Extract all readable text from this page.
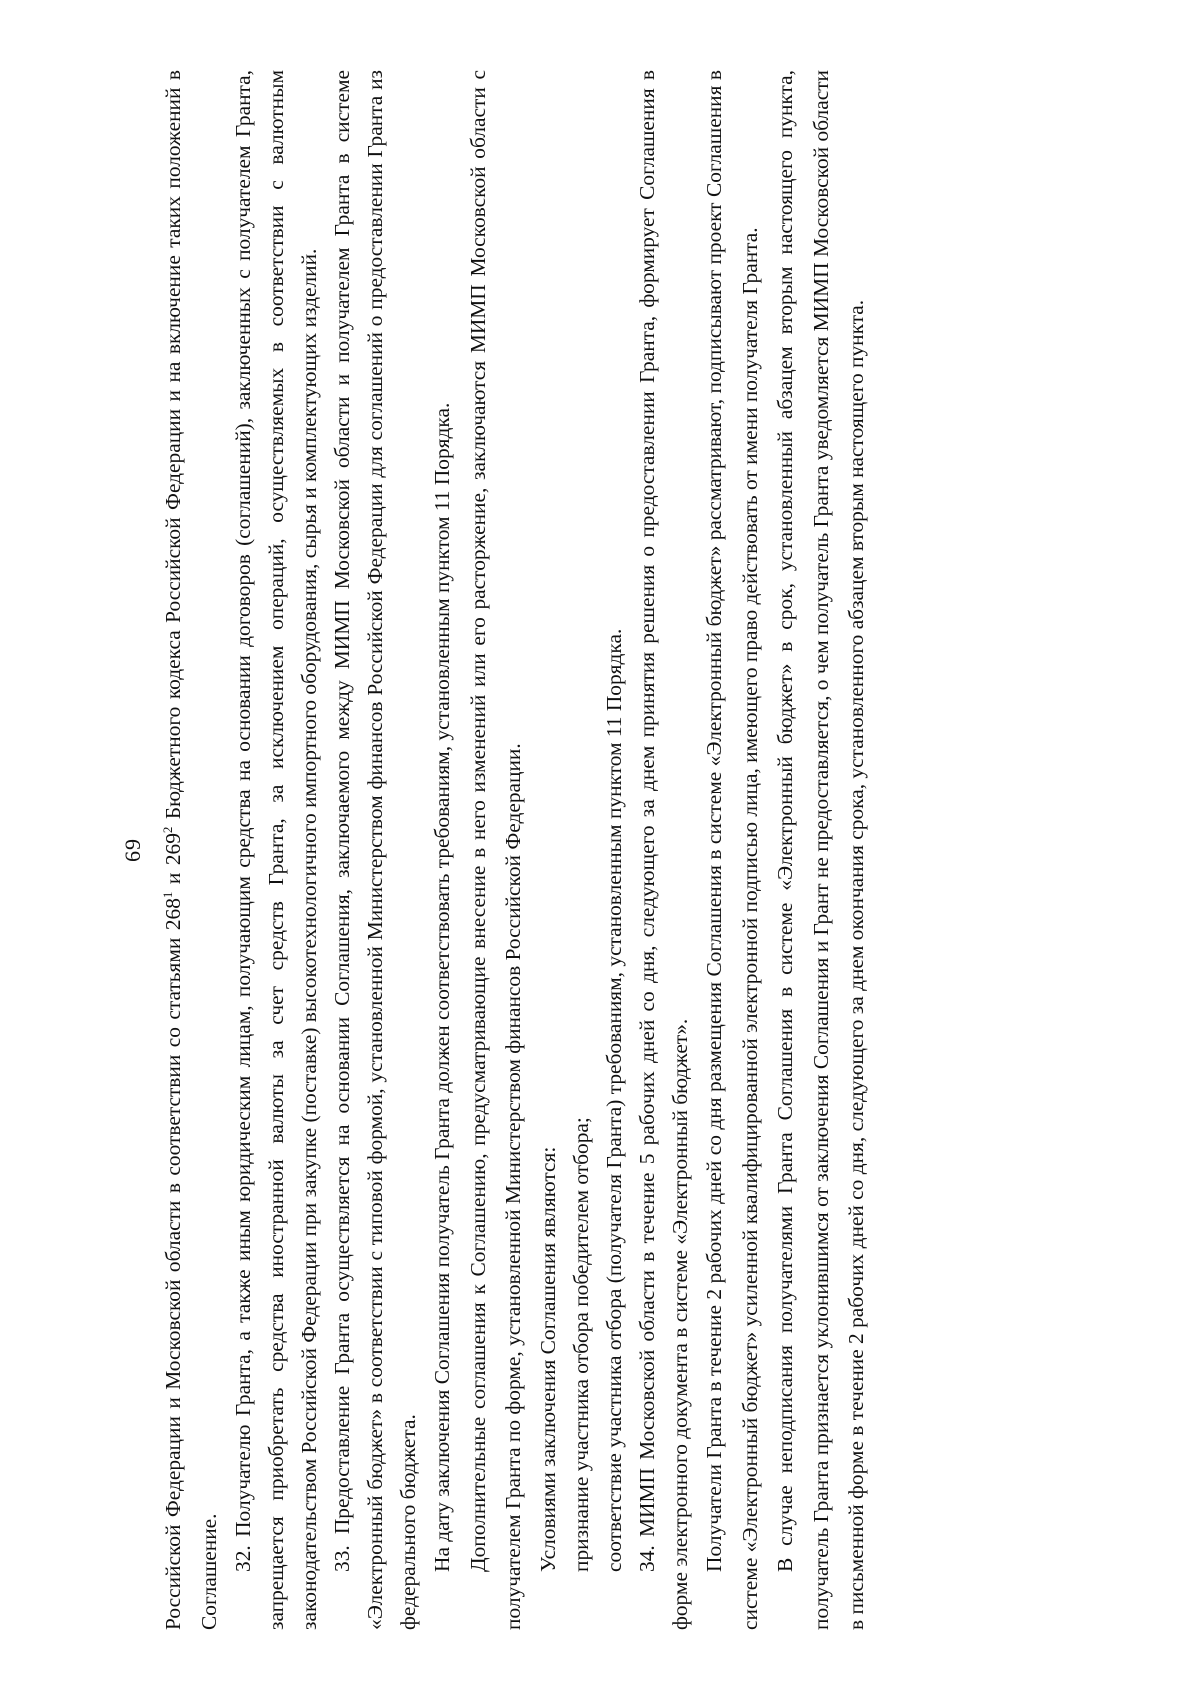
69

Российской Федерации и Московской области в соответствии со статьями $268^1$ и $269^2$ Бюджетного кодекса Российской Федерации и на включение таких положений в Соглашение. 32. Получателю Гранта, а также иным юридическим лицам, получающим средства на основании договоров (соглашений), заключенных с получателем Гранта, запрещается приобретать средства иностранной валюты за счет средств Гранта, за исключением операций, осуществляемых в соответствии с валютным законодательством Российской Федерации при закупке (поставке) высокотехнологичного импортного оборудования, сырья и комплектующих изделий. 33. Предоставление Гранта осуществляется на основании Соглашения, заключаемого между МИМП Московской области и получателем Гранта в системе «Электронный бюджет» в соответствии с типовой формой, установленной Министерством финансов Российской Федерации для соглашений о предоставлении Гранта из федерального бюджета. На дату заключения Соглашения получатель Гранта должен соответствовать требованиям, установленным пунктом 11 Порядка. Дополнительные соглашения к Соглашению, предусматривающие внесение в него изменений или его расторжение, заключаются МИМП Московской области с получателем Гранта по форме, установленной Министерством финансов Российской Федерации. Условиями заключения Соглашения являются: признание участника отбора победителем отбора; соответствие участника отбора (получателя Гранта) требованиям, установленным пунктом 11 Порядка. 34. МИМП Московской области в течение 5 рабочих дней со дня, следующего за днем принятия решения о предоставлении Гранта, формирует Соглашения в форме электронного документа в системе «Электронный бюджет». Получатели Гранта в течение 2 рабочих дней со дня размещения Соглашения в системе «Электронный бюджет» рассматривают, подписывают проект Соглашения в системе «Электронный бюджет» усиленной квалифицированной электронной подписью лица, имеющего право действовать от имени получателя Гранта. В случае неподписания получателями Гранта Соглашения в системе «Электронный бюджет» в срок, установленный абзацем вторым настоящего пункта, получатель Гранта признается уклонившимся от заключения Соглашения и Грант не предоставляется, о чем получатель Гранта уведомляется МИМП Московской области в письменной форме в течение 2 рабочих дней со дня, следующего за днем окончания срока, установленного абзацем вторым настоящего пункта.
